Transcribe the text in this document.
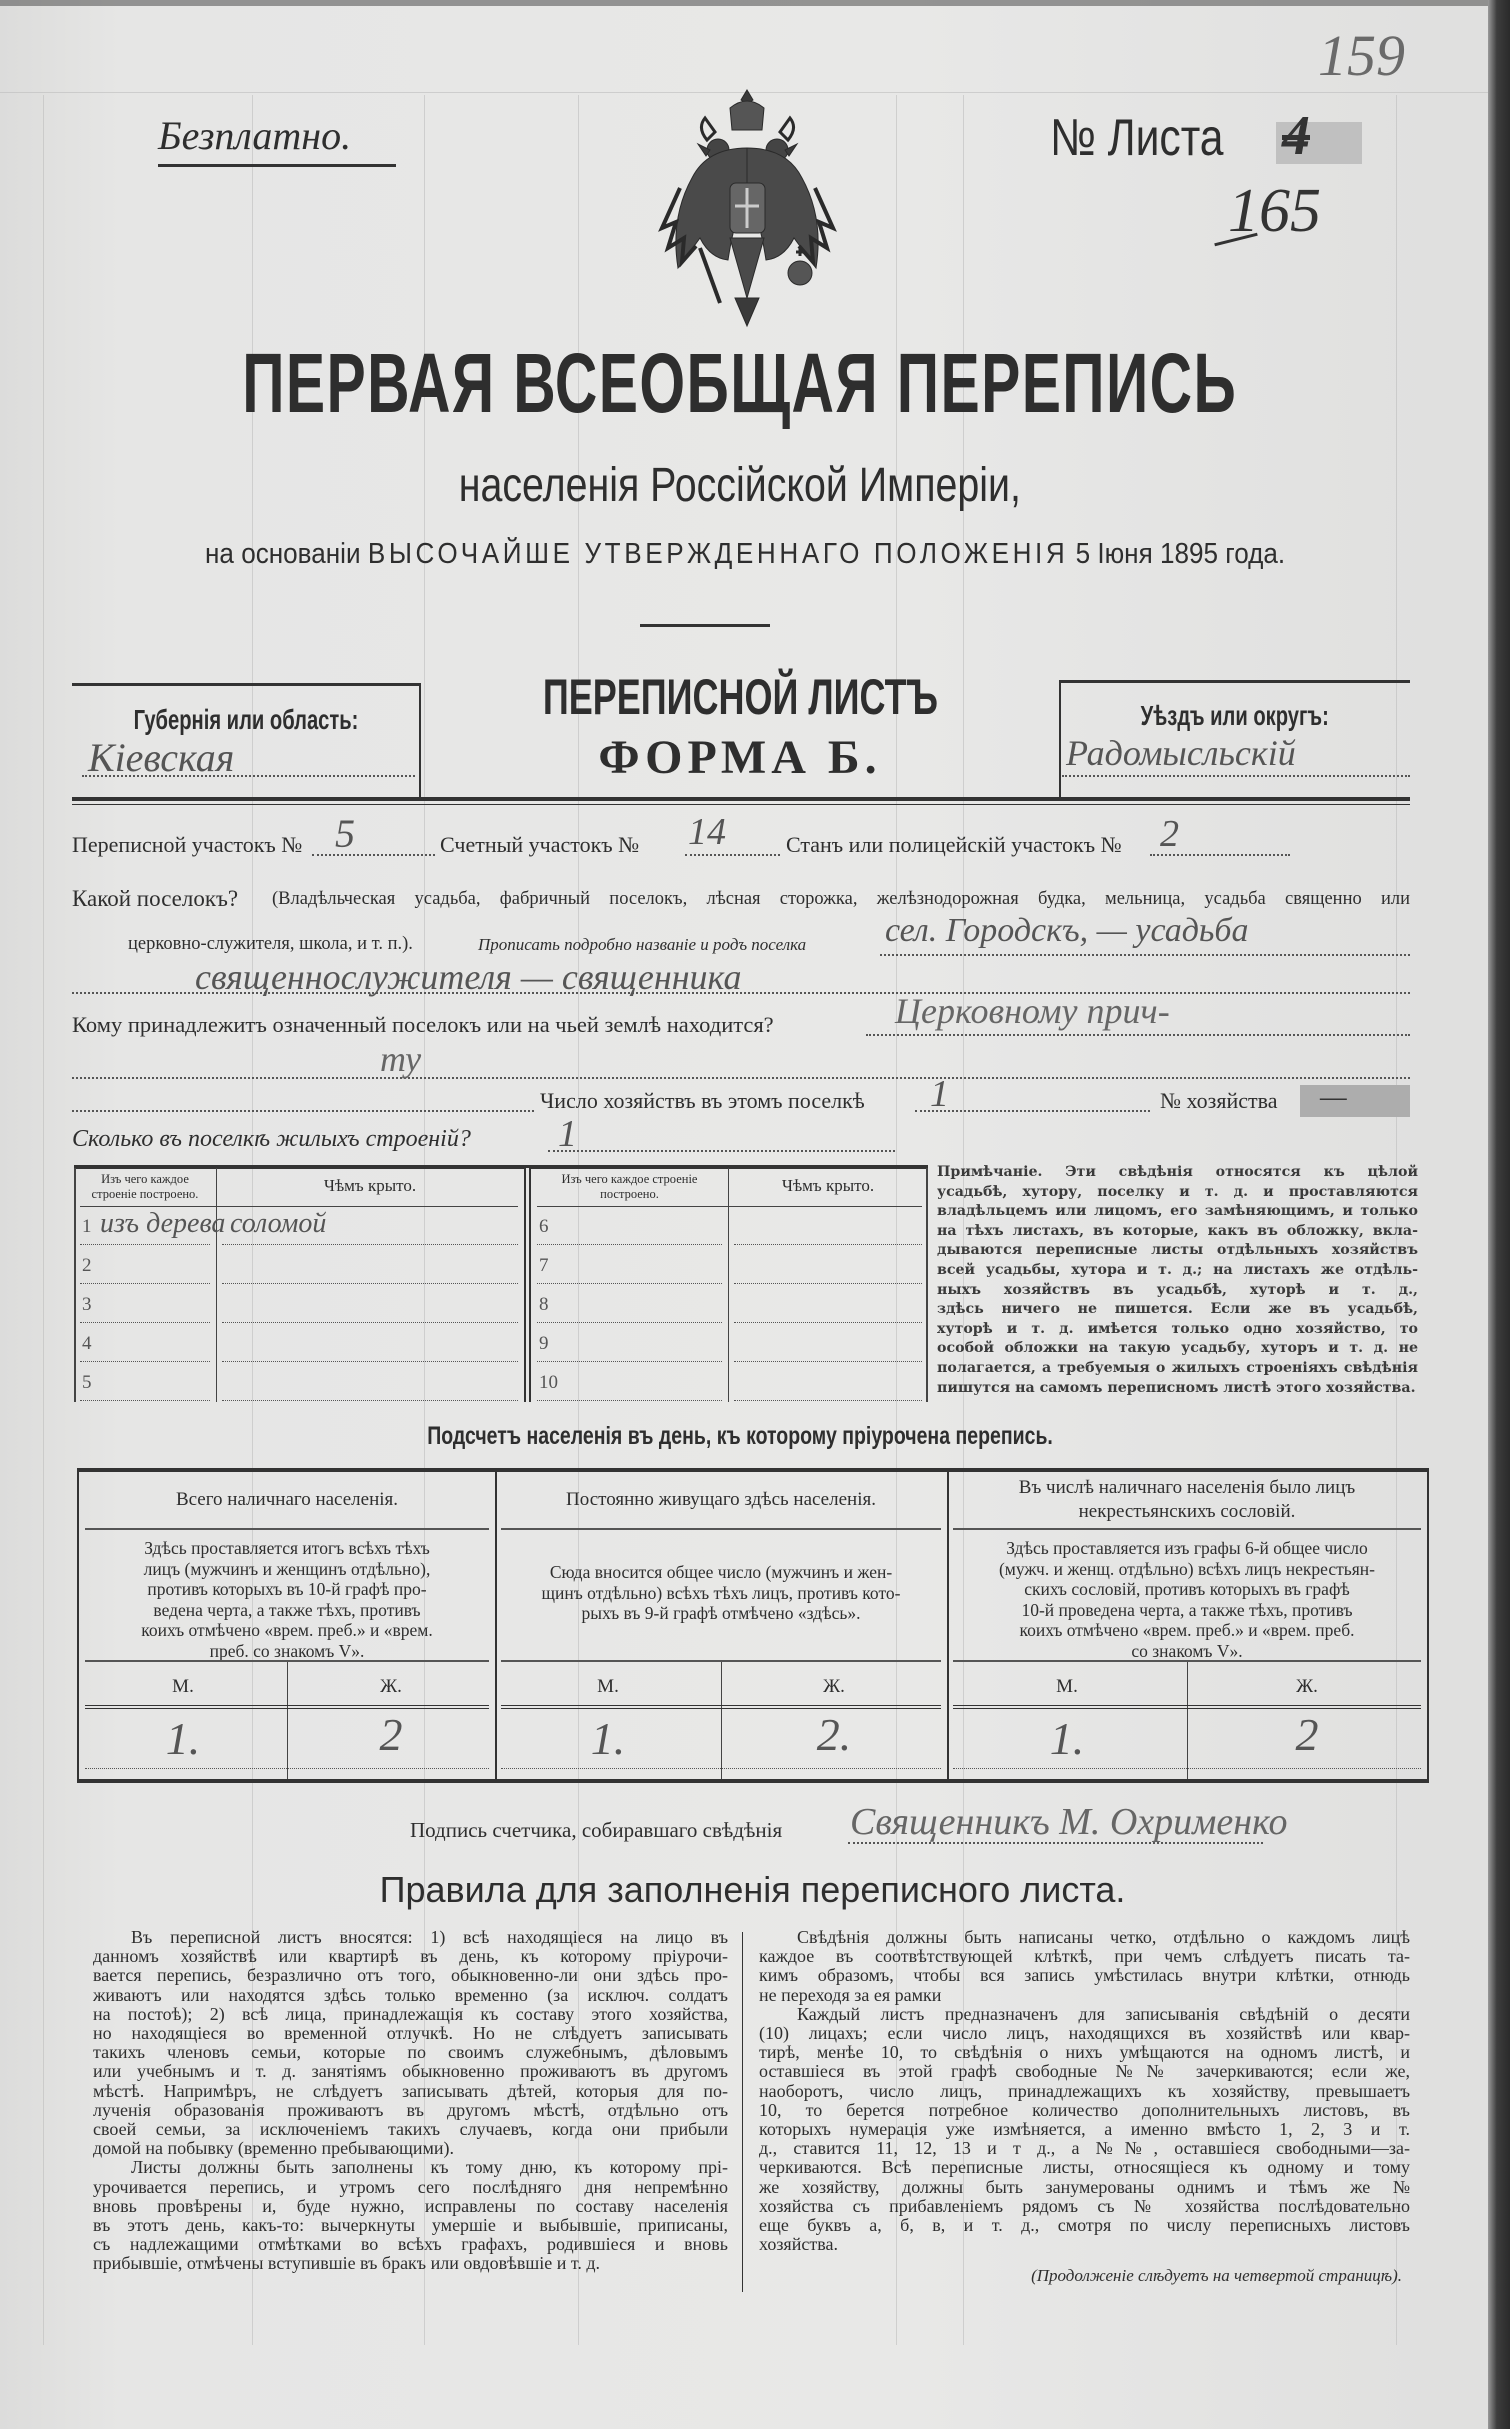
Безплатно.
159
№ Листа	4
165
ПЕРВАЯ ВСЕОБЩАЯ ПЕРЕПИСЬ
населенія Россійской Имперіи,
на основаніи ВЫСОЧАЙШЕ УТВЕРЖДЕННАГО ПОЛОЖЕНІЯ 5 Іюня 1895 года.
Губернія или область:
Кіевская
ПЕРЕПИСНОЙ ЛИСТЪ
ФОРМА Б.
Уѣздъ или округъ:
Радомысльскій
Переписной участокъ № 5	Счетный участокъ № 14	Станъ или полицейскій участокъ № 2
Какой поселокъ? (Владѣльческая усадьба, фабричный поселокъ, лѣсная сторожка, желѣзнодорожная будка, мельница, усадьба священно или
церковно-служителя, школа, и т. п.).	Прописать подробно названіе и родъ поселка сел. Городскъ, — усадьба
священнослужителя — священника
Кому принадлежитъ означенный поселокъ или на чьей землѣ находится?	Церковному прич-
ту
Число хозяйствъ въ этомъ поселкѣ 1	№ хозяйства —
Сколько въ поселкѣ жилыхъ строеній? 1
Изъ чего каждое строеніе построено.	Чѣмъ крыто.
1 изъ дерева соломой
2
3
4
5
Изъ чего каждое строеніе построено.	Чѣмъ крыто.
6
7
8
9
10
Примѣчаніе. Эти свѣдѣнія относятся къ цѣлой
усадьбѣ, хутору, поселку и т. д. и проставляются
владѣльцемъ или лицомъ, его замѣняющимъ, и только
на тѣхъ листахъ, въ которые, какъ въ обложку, вкла-
дываются переписные листы отдѣльныхъ хозяйствъ
всей усадьбы, хутора и т. д.; на листахъ же отдѣль-
ныхъ хозяйствъ въ усадьбѣ, хуторѣ и т. д.,
здѣсь ничего не пишется. Если же въ усадьбѣ,
хуторѣ и т. д. имѣется только одно хозяйство, то
особой обложки на такую усадьбу, хуторъ и т. д. не
полагается, а требуемыя о жилыхъ строеніяхъ свѣдѣнія
пишутся на самомъ переписномъ листѣ этого хозяйства.
Подсчетъ населенія въ день, къ которому пріурочена перепись.
Всего наличнаго населенія.
Здѣсь проставляется итогъ всѣхъ тѣхъ
лицъ (мужчинъ и женщинъ отдѣльно),
противъ которыхъ въ 10-й графѣ про-
ведена черта, а также тѣхъ, противъ
коихъ отмѣчено «врем. преб.» и «врем.
преб. со знакомъ V».
М.	Ж.
1.	2
Постоянно живущаго здѣсь населенія.
Сюда вносится общее число (мужчинъ и жен-
щинъ отдѣльно) всѣхъ тѣхъ лицъ, противъ кото-
рыхъ въ 9-й графѣ отмѣчено «здѣсь».
М.	Ж.
1.	2.
Въ числѣ наличнаго населенія было лицъ
некрестьянскихъ сословій.
Здѣсь проставляется изъ графы 6-й общее число
(мужч. и женщ. отдѣльно) всѣхъ лицъ некрестьян-
скихъ сословій, противъ которыхъ въ графѣ
10-й проведена черта, а также тѣхъ, противъ
коихъ отмѣчено «врем. преб.» и «врем. преб.
со знакомъ V».
М.	Ж.
1.	2
Подпись счетчика, собиравшаго свѣдѣнія Священникъ М. Охрименко
Правила для заполненія переписного листа.
Въ переписной листъ вносятся: 1) всѣ находящіеся на лицо въ
данномъ хозяйствѣ или квартирѣ въ день, къ которому пріурочи-
вается перепись, безразлично отъ того, обыкновенно-ли они здѣсь про-
живаютъ или находятся здѣсь только временно (за исключ. солдатъ
на постоѣ); 2) всѣ лица, принадлежащія къ составу этого хозяйства,
но находящіеся во временной отлучкѣ. Но не слѣдуетъ записывать
такихъ членовъ семьи, которые по своимъ служебнымъ, дѣловымъ
или учебнымъ и т. д. занятіямъ обыкновенно проживаютъ въ другомъ
мѣстѣ. Напримѣръ, не слѣдуетъ записывать дѣтей, которыя для по-
лученія образованія проживаютъ въ другомъ мѣстѣ, отдѣльно отъ
своей семьи, за исключеніемъ такихъ случаевъ, когда они прибыли
домой на побывку (временно пребывающими).
Листы должны быть заполнены къ тому дню, къ которому прі-
урочивается перепись, и утромъ сего послѣдняго дня непремѣнно
вновь провѣрены и, буде нужно, исправлены по составу населенія
въ этотъ день, какъ-то: вычеркнуты умершіе и выбывшіе, приписаны,
съ надлежащими отмѣтками во всѣхъ графахъ, родившіеся и вновь
прибывшіе, отмѣчены вступившіе въ бракъ или овдовѣвшіе и т. д.
Свѣдѣнія должны быть написаны четко, отдѣльно о каждомъ лицѣ
каждое въ соотвѣтствующей клѣткѣ, при чемъ слѣдуетъ писать та-
кимъ образомъ, чтобы вся запись умѣстилась внутри клѣтки, отнюдь
не переходя за ея рамки
Каждый листъ предназначенъ для записыванія свѣдѣній о десяти
(10) лицахъ; если число лицъ, находящихся въ хозяйствѣ или квар-
тирѣ, менѣе 10, то свѣдѣнія о нихъ умѣщаются на одномъ листѣ, и
оставшіеся въ этой графѣ свободные №№ зачеркиваются; если же,
наоборотъ, число лицъ, принадлежащихъ къ хозяйству, превышаетъ
10, то берется потребное количество дополнительныхъ листовъ, въ
которыхъ нумерація уже измѣняется, а именно вмѣсто 1, 2, 3 и т.
д., ставится 11, 12, 13 и т д., а №№, оставшіеся свободными—за-
черкиваются. Всѣ переписные листы, относящіеся къ одному и тому
же хозяйству, должны быть занумерованы однимъ и тѣмъ же №
хозяйства съ прибавленіемъ рядомъ съ № хозяйства послѣдовательно
еще буквъ а, б, в, и т. д., смотря по числу переписныхъ листовъ
хозяйства.
(Продолженіе слѣдуетъ на четвертой страницѣ).
